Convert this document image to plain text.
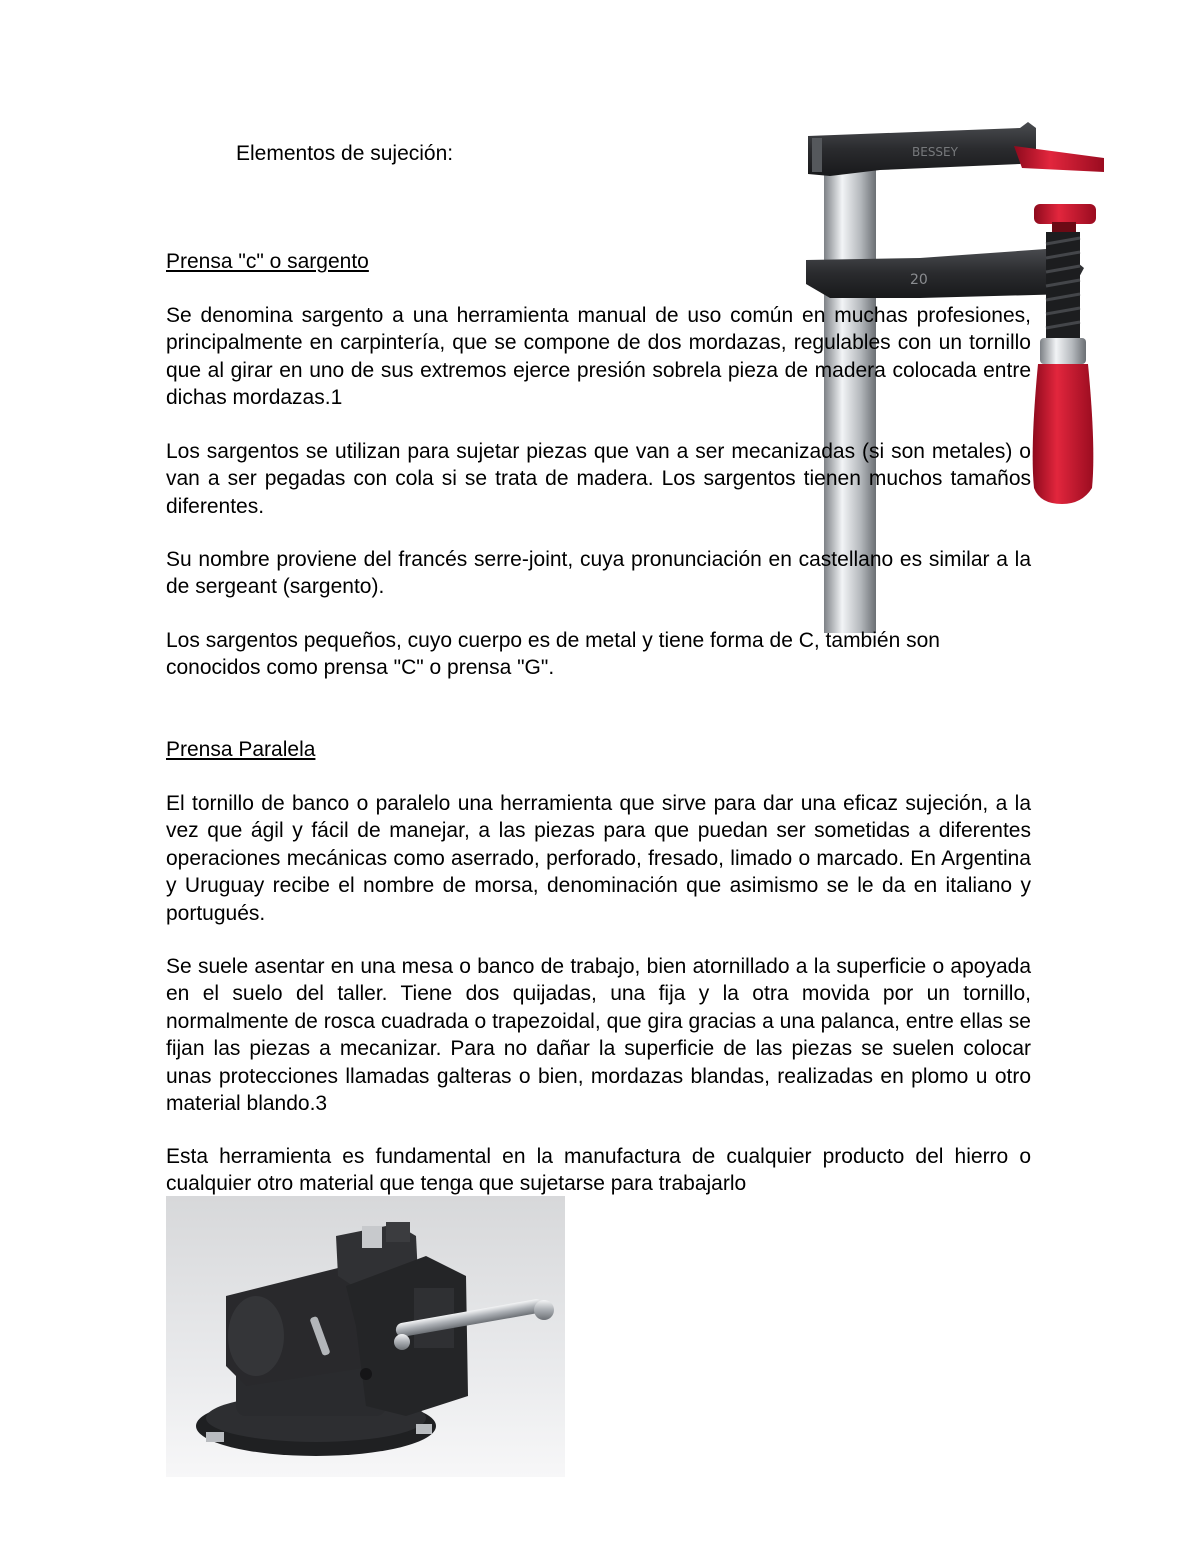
Elementos de sujeción:	BESSEY
20
Prensa "c" o sargento

Se denomina sargento a una herramienta manual de uso común en muchas profesiones, principalmente en carpintería, que se compone de dos mordazas, regulables con un tornillo que al girar en uno de sus extremos ejerce presión sobrela pieza de madera colocada entre dichas mordazas.1

Los sargentos se utilizan para sujetar piezas que van a ser mecanizadas (si son metales) o van a ser pegadas con cola si se trata de madera. Los sargentos tienen muchos tamaños diferentes.

Su nombre proviene del francés serre-joint, cuya pronunciación en castellano es similar a la de sergeant (sargento).

Los sargentos pequeños, cuyo cuerpo es de metal y tiene forma de C, también son conocidos como prensa "C" o prensa "G".

Prensa Paralela

El tornillo de banco o paralelo una herramienta que sirve para dar una eficaz sujeción, a la vez que ágil y fácil de manejar, a las piezas para que puedan ser sometidas a diferentes operaciones mecánicas como aserrado, perforado, fresado, limado o marcado. En Argentina y Uruguay recibe el nombre de morsa, denominación que asimismo se le da en italiano y portugués.

Se suele asentar en una mesa o banco de trabajo, bien atornillado a la superficie o apoyada en el suelo del taller. Tiene dos quijadas, una fija y la otra movida por un tornillo, normalmente de rosca cuadrada o trapezoidal, que gira gracias a una palanca, entre ellas se fijan las piezas a mecanizar. Para no dañar la superficie de las piezas se suelen colocar unas protecciones llamadas galteras o bien, mordazas blandas, realizadas en plomo u otro material blando.3

Esta herramienta es fundamental en la manufactura de cualquier producto del hierro o cualquier otro material que tenga que sujetarse para trabajarlo
